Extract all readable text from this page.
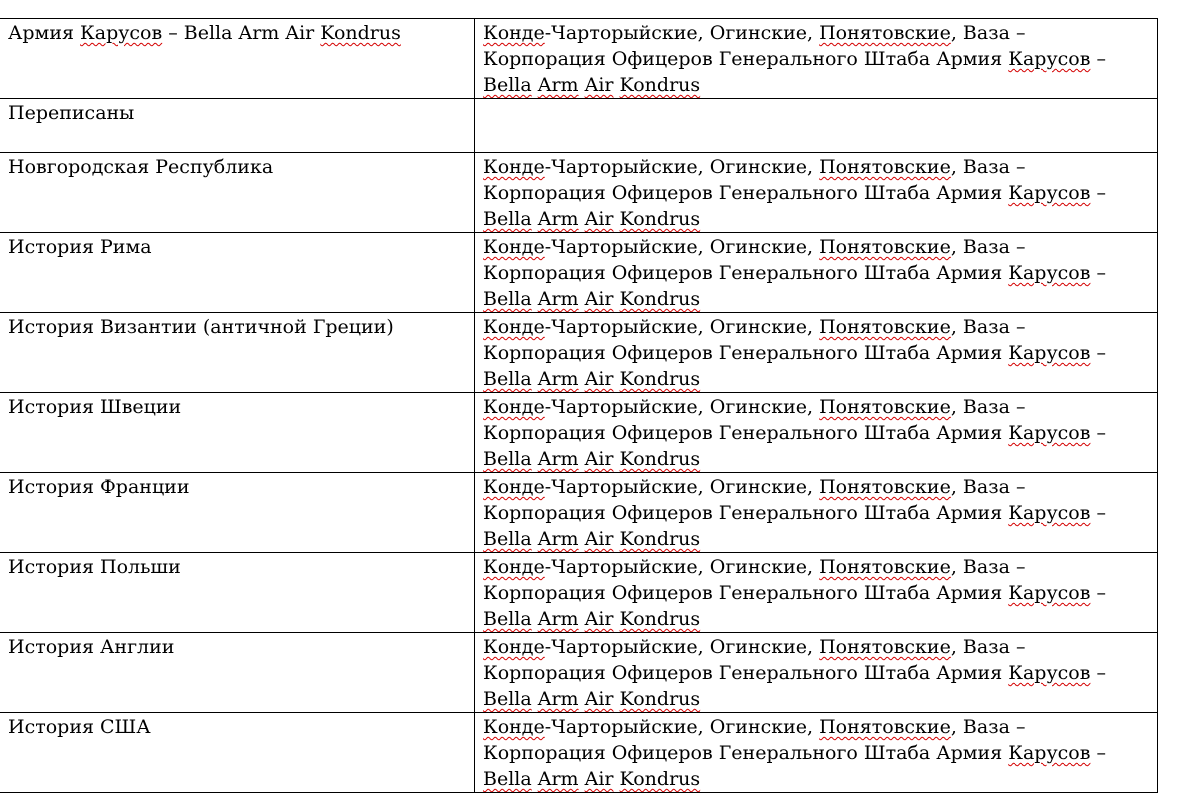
Армия Карусов – Bella Arm Air Kondrus	Конде-Чарторыйские, Огинские, Понятовские, Ваза –
Корпорация Офицеров Генерального Штаба Армия Карусов –
Bella Arm Air Kondrus

Переписаны	
Новгородская Республика	Конде-Чарторыйские, Огинские, Понятовские, Ваза –
Корпорация Офицеров Генерального Штаба Армия Карусов –
Bella Arm Air Kondrus

История Рима	Конде-Чарторыйские, Огинские, Понятовские, Ваза –
Корпорация Офицеров Генерального Штаба Армия Карусов –
Bella Arm Air Kondrus

История Византии (античной Греции)	Конде-Чарторыйские, Огинские, Понятовские, Ваза –
Корпорация Офицеров Генерального Штаба Армия Карусов –
Bella Arm Air Kondrus

История Швеции	Конде-Чарторыйские, Огинские, Понятовские, Ваза –
Корпорация Офицеров Генерального Штаба Армия Карусов –
Bella Arm Air Kondrus

История Франции	Конде-Чарторыйские, Огинские, Понятовские, Ваза –
Корпорация Офицеров Генерального Штаба Армия Карусов –
Bella Arm Air Kondrus

История Польши	Конде-Чарторыйские, Огинские, Понятовские, Ваза –
Корпорация Офицеров Генерального Штаба Армия Карусов –
Bella Arm Air Kondrus

История Англии	Конде-Чарторыйские, Огинские, Понятовские, Ваза –
Корпорация Офицеров Генерального Штаба Армия Карусов –
Bella Arm Air Kondrus

История США	Конде-Чарторыйские, Огинские, Понятовские, Ваза –
Корпорация Офицеров Генерального Штаба Армия Карусов –
Bella Arm Air Kondrus
